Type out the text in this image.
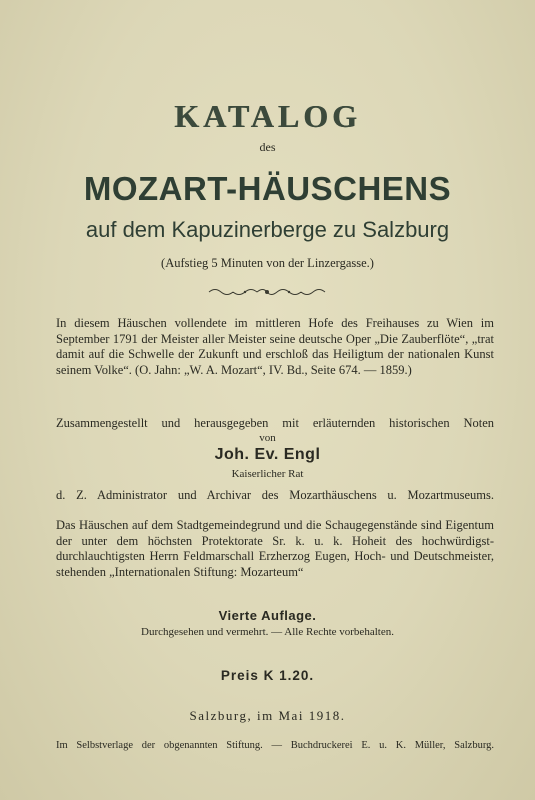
KATALOG
des
MOZART-HÄUSCHENS
auf dem Kapuzinerberge zu Salzburg
(Aufstieg 5 Minuten von der Linzergasse.)
In diesem Häuschen vollendete im mittleren Hofe des Freihauses zu Wien im September 1791 der Meister aller Meister seine deutsche Oper „Die Zauberflöte“, „trat damit auf die Schwelle der Zukunft und erschloß das Heiligtum der nationalen Kunst seinem Volke“. (O. Jahn: „W. A. Mozart“, IV. Bd., Seite 674. — 1859.)
Zusammengestellt und herausgegeben mit erläuternden historischen Noten
von
Joh. Ev. Engl
Kaiserlicher Rat
d. Z. Administrator und Archivar des Mozarthäuschens u. Mozartmuseums.
Das Häuschen auf dem Stadtgemeindegrund und die Schaugegenstände sind Eigentum der unter dem höchsten Protektorate Sr. k. u. k. Hoheit des hochwürdigst-durchlauchtigsten Herrn Feldmarschall Erzherzog Eugen, Hoch- und Deutschmeister, stehenden „Internationalen Stiftung: Mozarteum“
Vierte Auflage.
Durchgesehen und vermehrt. — Alle Rechte vorbehalten.
Preis K 1.20.
Salzburg, im Mai 1918.
Im Selbstverlage der obgenannten Stiftung. — Buchdruckerei E. u. K. Müller, Salzburg.
